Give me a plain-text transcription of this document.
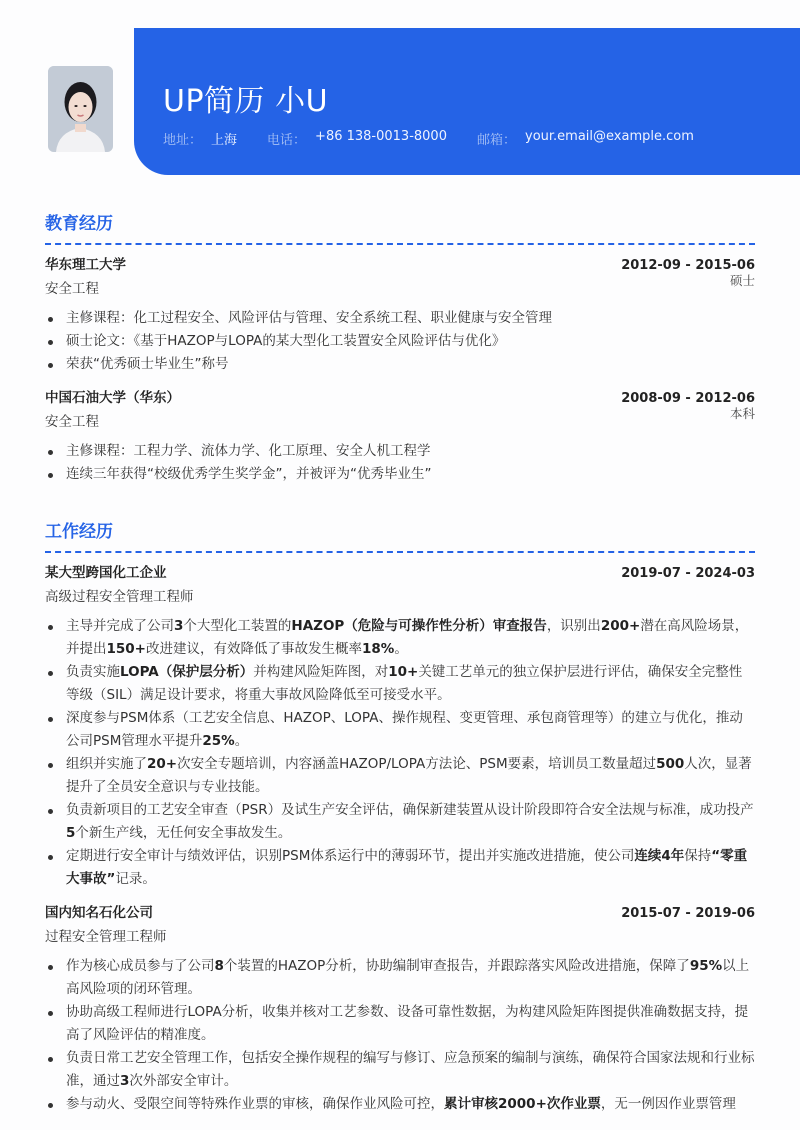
UP简历 小U
地址： 上海 电话： +86 138-0013-8000 邮箱： your.email@example.com
教育经历
华东理工大学	2012-09 - 2015-06
安全工程
硕士
主修课程：化工过程安全、风险评估与管理、安全系统工程、职业健康与安全管理
硕士论文：《基于HAZOP与LOPA的某大型化工装置安全风险评估与优化》
荣获“优秀硕士毕业生”称号
中国石油大学（华东）	2008-09 - 2012-06
安全工程
本科
主修课程：工程力学、流体力学、化工原理、安全人机工程学
连续三年获得“校级优秀学生奖学金”，并被评为“优秀毕业生”
工作经历
某大型跨国化工企业	2019-07 - 2024-03
高级过程安全管理工程师
主导并完成了公司3个大型化工装置的HAZOP（危险与可操作性分析）审查报告，识别出200+潜在高风险场景，并提出150+改进建议，有效降低了事故发生概率18%。
负责实施LOPA（保护层分析）并构建风险矩阵图，对10+关键工艺单元的独立保护层进行评估，确保安全完整性等级（SIL）满足设计要求，将重大事故风险降低至可接受水平。
深度参与PSM体系（工艺安全信息、HAZOP、LOPA、操作规程、变更管理、承包商管理等）的建立与优化，推动公司PSM管理水平提升25%。
组织并实施了20+次安全专题培训，内容涵盖HAZOP/LOPA方法论、PSM要素，培训员工数量超过500人次，显著提升了全员安全意识与专业技能。
负责新项目的工艺安全审查（PSR）及试生产安全评估，确保新建装置从设计阶段即符合安全法规与标准，成功投产5个新生产线，无任何安全事故发生。
定期进行安全审计与绩效评估，识别PSM体系运行中的薄弱环节，提出并实施改进措施，使公司连续4年保持“零重大事故”记录。
国内知名石化公司	2015-07 - 2019-06
过程安全管理工程师
作为核心成员参与了公司8个装置的HAZOP分析，协助编制审查报告，并跟踪落实风险改进措施，保障了95%以上高风险项的闭环管理。
协助高级工程师进行LOPA分析，收集并核对工艺参数、设备可靠性数据，为构建风险矩阵图提供准确数据支持，提高了风险评估的精准度。
负责日常工艺安全管理工作，包括安全操作规程的编写与修订、应急预案的编制与演练，确保符合国家法规和行业标准，通过3次外部安全审计。
参与动火、受限空间等特殊作业票的审核，确保作业风险可控，累计审核2000+次作业票，无一例因作业票管理
